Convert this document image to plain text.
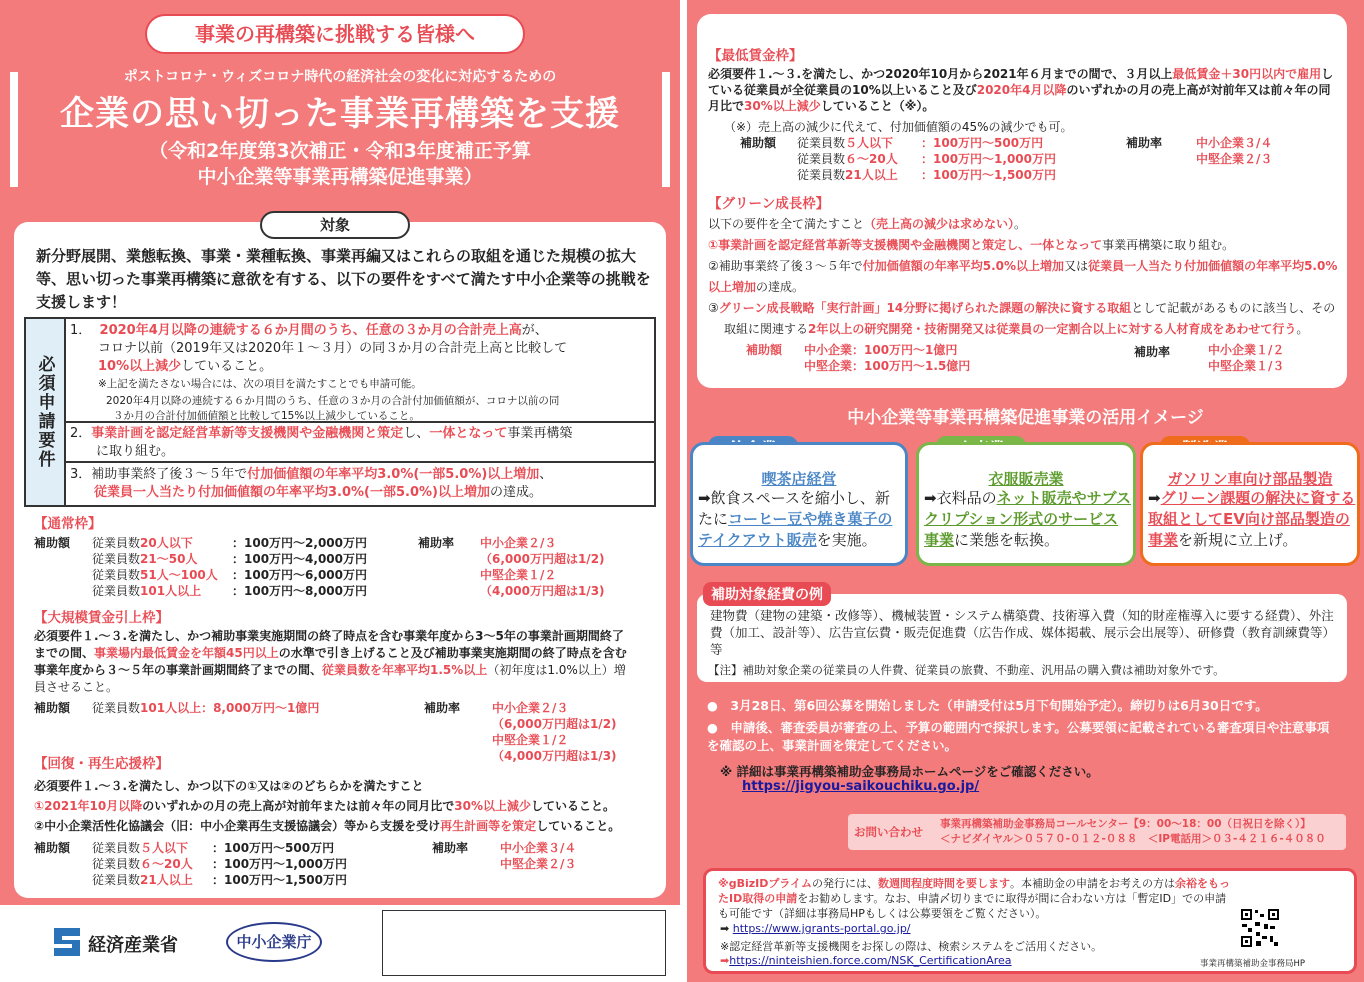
事業の再構築に挑戦する皆様へ
ポストコロナ・ウィズコロナ時代の経済社会の変化に対応するための
企業の思い切った事業再構築を支援
（令和2年度第3次補正・令和3年度補正予算
中小企業等事業再構築促進事業）
対象
新分野展開、業態転換、事業・業種転換、事業再編又はこれらの取組を通じた規模の拡大等、思い切った事業再構築に意欲を有する、以下の要件をすべて満たす中小企業等の挑戦を支援します！
必須申請要件
1． 2020年4月以降の連続する６か月間のうち、任意の３か月の合計売上高が、
コロナ以前（2019年又は2020年１～３月）の同３か月の合計売上高と比較して
10%以上減少していること。
※上記を満たさない場合には、次の項目を満たすことでも申請可能。
2020年4月以降の連続する６か月間のうち、任意の３か月の合計付加価値額が、コロナ以前の同
３か月の合計付加価値額と比較して15%以上減少していること。
2．事業計画を認定経営革新等支援機関や金融機関と策定し、一体となって事業再構築
に取り組む。
3．補助事業終了後３～５年で付加価値額の年率平均3.0%(一部5.0%)以上増加、
従業員一人当たり付加価値額の年率平均3.0%(一部5.0%)以上増加の達成。
【通常枠】
補助額 従業員数20人以下	：100万円～2,000万円
従業員数21～50人	：100万円～4,000万円
従業員数51人～100人 ：100万円～6,000万円
従業員数101人以上	：100万円～8,000万円
補助率 中小企業２/３
（6,000万円超は1/2)
中堅企業１/２
（4,000万円超は1/3)
【大規模賃金引上枠】
必須要件１.～３.を満たし、かつ補助事業実施期間の終了時点を含む事業年度から3～5年の事業計画期間終了までの間、事業場内最低賃金を年額45円以上の水準で引き上げること及び補助事業実施期間の終了時点を含む事業年度から３～５年の事業計画期間終了までの間、従業員数を年率平均1.5%以上（初年度は1.0%以上）増員させること。
補助額 従業員数101人以上：8,000万円～1億円	補助率	中小企業２/３
（6,000万円超は1/2)
中堅企業１/２
（4,000万円超は1/3)
【回復・再生応援枠】
必須要件１.～３.を満たし、かつ以下の①又は②のどちらかを満たすこと
①2021年10月以降のいずれかの月の売上高が対前年または前々年の同月比で30%以上減少していること。
②中小企業活性化協議会（旧：中小企業再生支援協議会）等から支援を受け再生計画等を策定していること。
補助額 従業員数５人以下 ：100万円～500万円
従業員数６～20人 ：100万円～1,000万円
従業員数21人以上 ：100万円～1,500万円
補助率	中小企業３/４
中堅企業２/３
経済産業省	中小企業庁
【最低賃金枠】
必須要件１.～３.を満たし、かつ2020年10月から2021年６月までの間で、３月以上最低賃金＋30円以内で雇用している従業員が全従業員の10%以上いること及び2020年4月以降のいずれかの月の売上高が対前年又は前々年の同月比で30%以上減少していること（※）。
（※）売上高の減少に代えて、付加価値額の45%の減少でも可。
補助額 従業員数５人以下 ：100万円～500万円
従業員数６～20人 ：100万円～1,000万円
従業員数21人以上 ：100万円～1,500万円
補助率	中小企業３/４
中堅企業２/３
【グリーン成長枠】
以下の要件を全て満たすこと（売上高の減少は求めない）。
①事業計画を認定経営革新等支援機関や金融機関と策定し、一体となって事業再構築に取り組む。
②補助事業終了後３～５年で付加価値額の年率平均5.0%以上増加又は従業員一人当たり付加価値額の年率平均5.0%以上増加の達成。
③グリーン成長戦略「実行計画」14分野に掲げられた課題の解決に資する取組として記載があるものに該当し、その
取組に関連する2年以上の研究開発・技術開発又は従業員の一定割合以上に対する人材育成をあわせて行う。
補助額 中小企業：100万円～1億円
中堅企業：100万円～1.5億円
補助率	中小企業１/２
中堅企業１/３
中小企業等事業再構築促進事業の活用イメージ
喫茶店経営
➡飲食スペースを縮小し、新たにコーヒー豆や焼き菓子のテイクアウト販売を実施。
衣服販売業
➡衣料品のネット販売やサブスクリプション形式のサービス事業に業態を転換。
ガソリン車向け部品製造
➡グリーン課題の解決に資する取組としてEV向け部品製造の事業を新規に立上げ。
補助対象経費の例
建物費（建物の建築・改修等）、機械装置・システム構築費、技術導入費（知的財産権導入に要する経費）、外注費（加工、設計等）、広告宣伝費・販売促進費（広告作成、媒体掲載、展示会出展等）、研修費（教育訓練費等）等
【注】補助対象企業の従業員の人件費、従業員の旅費、不動産、汎用品の購入費は補助対象外です。
●　3月28日、第6回公募を開始しました（申請受付は5月下旬開始予定）。締切りは6月30日です。
●　申請後、審査委員が審査の上、予算の範囲内で採択します。公募要領に記載されている審査項目や注意事項を確認の上、事業計画を策定してください。
※ 詳細は事業再構築補助金事務局ホームページをご確認ください。
https://jigyou-saikouchiku.go.jp/
お問い合わせ
事業再構築補助金事務局コールセンター【9：00～18：00（日祝日を除く）】
＜ナビダイヤル＞０５７０-０１２-０８８　＜IP電話用＞０３-４２１６-４０８０
※gBizIDプライムの発行には、数週間程度時間を要します。本補助金の申請をお考えの方は余裕をもったID取得の申請をお勧めします。なお、申請〆切りまでに取得が間に合わない方は「暫定ID」での申請も可能です（詳細は事務局HPもしくは公募要領をご覧ください）。
➡ https://www.jgrants-portal.go.jp/
※認定経営革新等支援機関をお探しの際は、検索システムをご活用ください。
➡https://ninteishien.force.com/NSK_CertificationArea	事業再構築補助金事務局HP
